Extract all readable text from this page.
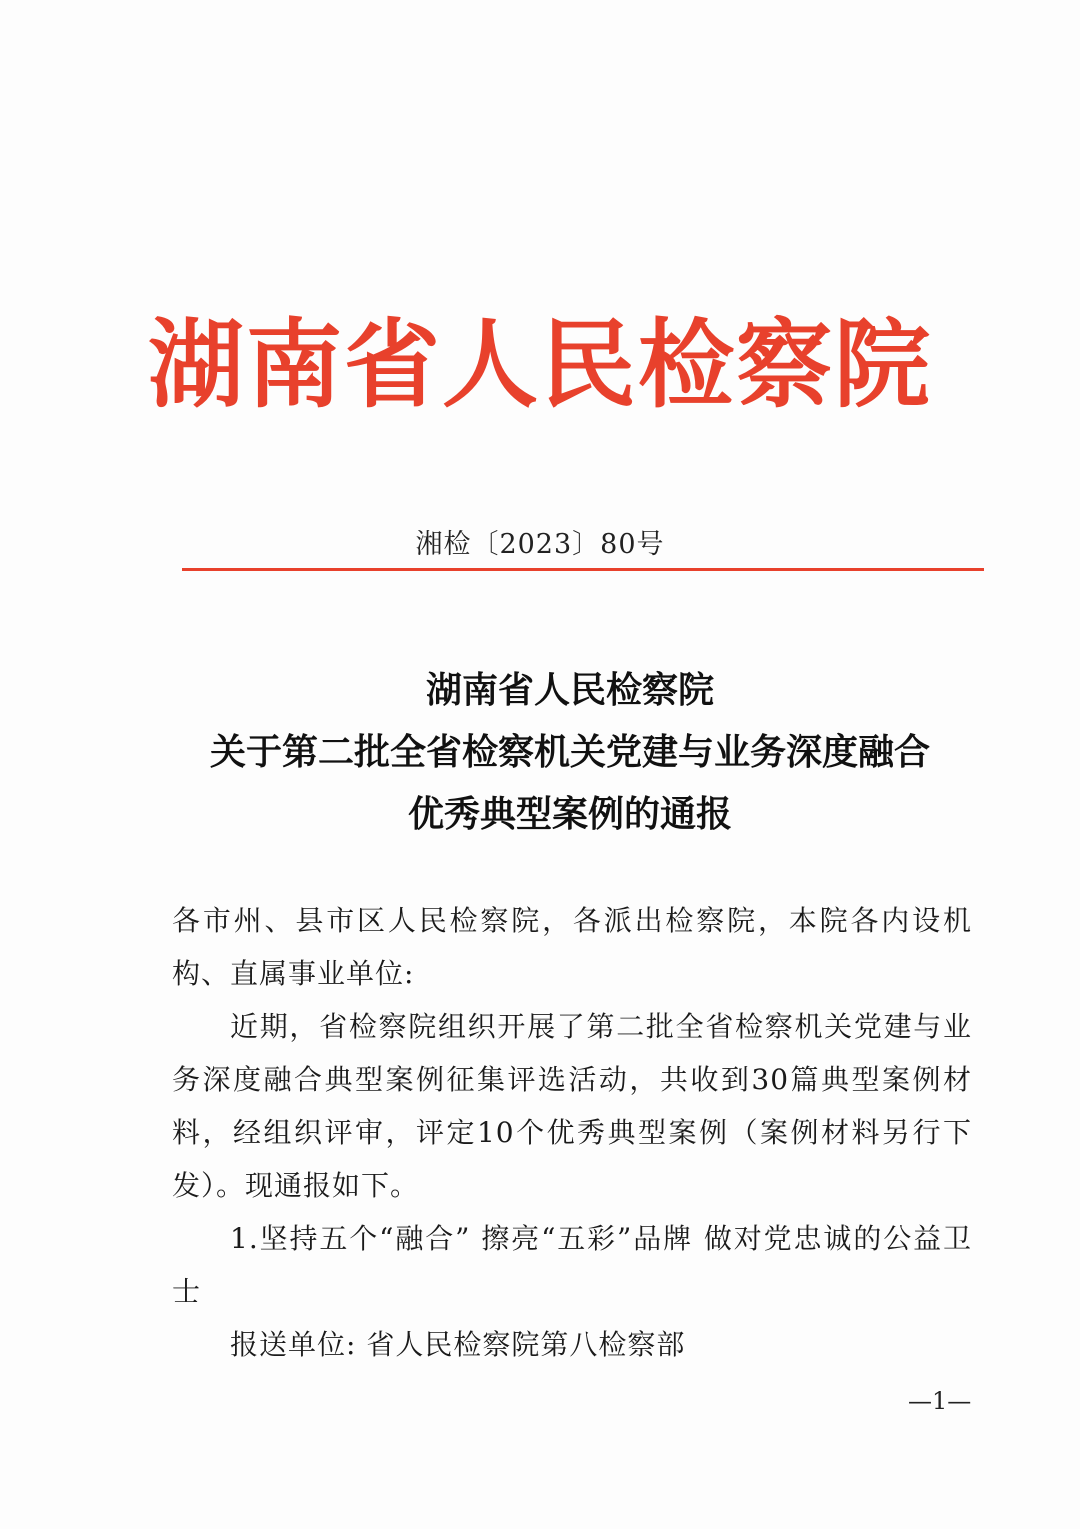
湖南省人民检察院
湘检〔2023〕80号
湖南省人民检察院
关于第二批全省检察机关党建与业务深度融合
优秀典型案例的通报

各市州、县市区人民检察院，各派出检察院，本院各内设机构、直属事业单位:

近期，省检察院组织开展了第二批全省检察机关党建与业务深度融合典型案例征集评选活动，共收到30篇典型案例材料，经组织评审，评定10个优秀典型案例（案例材料另行下发）。现通报如下。

1.坚持五个“融合” 擦亮“五彩”品牌 做对党忠诚的公益卫士

报送单位: 省人民检察院第八检察部

—1—
